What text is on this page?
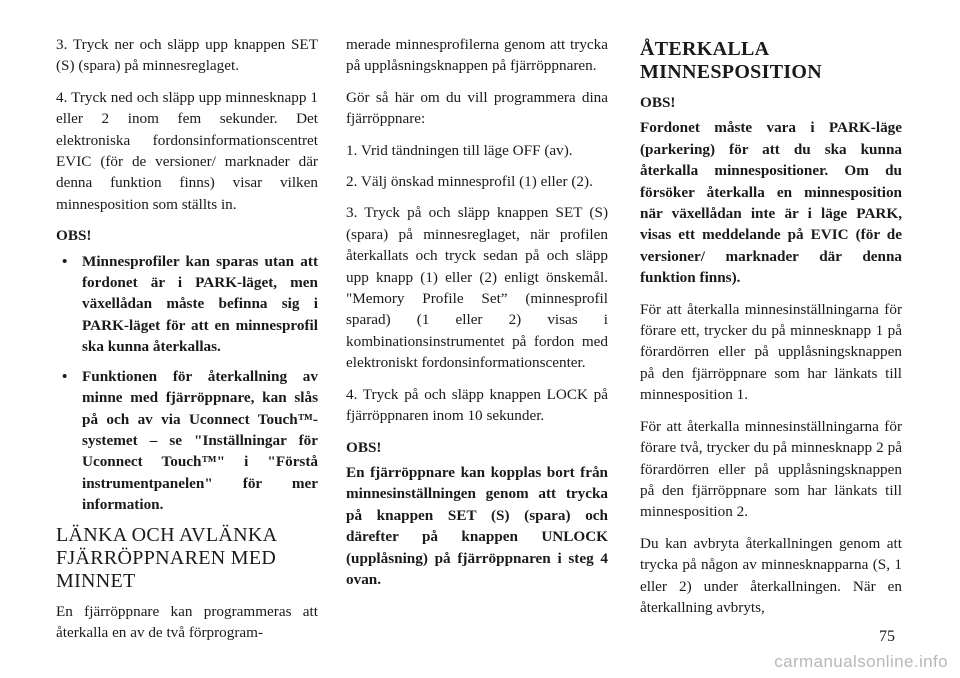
3. Tryck ner och släpp upp knappen SET (S) (spara) på minnesreglaget.

4. Tryck ned och släpp upp minnesknapp 1 eller 2 inom fem sekunder. Det elektroniska fordonsinformationscentret EVIC (för de versioner/ marknader där denna funktion finns) visar vilken minnesposition som ställts in.

OBS!

• Minnesprofiler kan sparas utan att fordonet är i PARK-läget, men växellådan måste befinna sig i PARK-läget för att en minnesprofil ska kunna återkallas.
• Funktionen för återkallning av minne med fjärröppnare, kan slås på och av via Uconnect Touch™-systemet – se "Inställningar för Uconnect Touch™" i "Förstå instrumentpanelen" för mer information.
LÄNKA OCH AVLÄNKA FJÄRRÖPPNAREN MED MINNET

En fjärröppnare kan programmeras att återkalla en av de två förprogram-

merade minnesprofilerna genom att trycka på upplåsningsknappen på fjärröppnaren.

Gör så här om du vill programmera dina fjärröppnare:

1. Vrid tändningen till läge OFF (av).

2. Välj önskad minnesprofil (1) eller (2).

3. Tryck på och släpp knappen SET (S) (spara) på minnesreglaget, när profilen återkallats och tryck sedan på och släpp upp knapp (1) eller (2) enligt önskemål. "Memory Profile Set” (minnesprofil sparad) (1 eller 2) visas i kombinationsinstrumentet på fordon med elektroniskt fordonsinformationscenter.

4. Tryck på och släpp knappen LOCK på fjärröppnaren inom 10 sekunder.

OBS!

En fjärröppnare kan kopplas bort från minnesinställningen genom att trycka på knappen SET (S) (spara) och därefter på knappen UNLOCK (upplåsning) på fjärröppnaren i steg 4 ovan.

ÅTERKALLA MINNESPOSITION

OBS!

Fordonet måste vara i PARK-läge (parkering) för att du ska kunna återkalla minnespositioner. Om du försöker återkalla en minnesposition när växellådan inte är i läge PARK, visas ett meddelande på EVIC (för de versioner/ marknader där denna funktion finns).

För att återkalla minnesinställningarna för förare ett, trycker du på minnesknapp 1 på förardörren eller på upplåsningsknappen på den fjärröppnare som har länkats till minnesposition 1.

För att återkalla minnesinställningarna för förare två, trycker du på minnesknapp 2 på förardörren eller på upplåsningsknappen på den fjärröppnare som har länkats till minnesposition 2.

Du kan avbryta återkallningen genom att trycka på någon av minnesknapparna (S, 1 eller 2) under återkallningen. När en återkallning avbryts,

75
carmanualsonline.info
